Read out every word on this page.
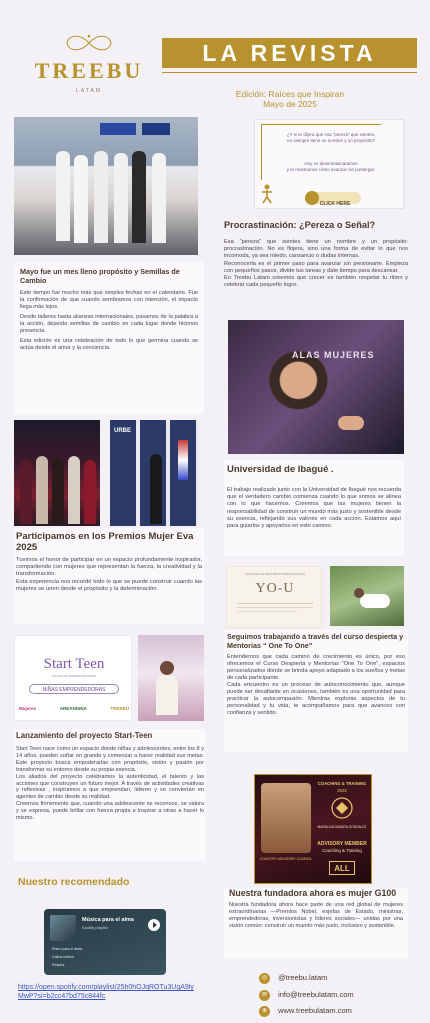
TREEBU
LATAM
LA REVISTA
Edición: Raíces que Inspiran
Mayo de 2025
¿Y si te dijera que esa “pereza” que sientes,
no siempre tiene un nombre y un propósito?
Hoy es desenmascaramos
y te mostramos cómo avanzar sin postergar.
CLICK HERE
Mayo fue un mes lleno propósito y Semillas de Cambio

Este tiempo fue mucho más que simples fechas en el calendario. Fue la confirmación de que cuando sembramos con intención, el impacto llega más lejos.

Desde talleres hasta alianzas internacionales, pasamos de la palabra a la acción, dejando semillas de cambio en cada lugar donde hicimos presencia.

Esta edición es una celebración de todo lo que germina cuando se actúa desde el amor y la conciencia.

Procrastinación: ¿Pereza o Señal?
Esa “pereza” que sientes tiene un nombre y un propósito: procrastinación. No es flojera, sino una forma de evitar lo que nos incomoda, ya sea miedo, cansancio o dudas internas.
Reconocerla es el primer paso para avanzar sin presionarte. Empieza con pequeños pasos, divide tus tareas y date tiempo para descansar.
En Treebu Latam creemos que crecer es también respetar tu ritmo y celebrar cada pequeño logro.
ALAS MUJERES
URBE
Participamos en los Premios Mujer Eva 2025
Tuvimos el honor de participar en un espacio profundamente inspirador, compartiendo con mujeres que representan la fuerza, la creatividad y la transformación.
Esta experiencia nos recordó todo lo que se puede construir cuando las mujeres se unen desde el propósito y la determinación.
Universidad de Ibagué .
El trabajo realizado junto con la Universidad de Ibagué nos recuerda que el verdadero cambio comienza cuando lo que somos se alinea con lo que hacemos. Creemos que las mujeres tienen la responsabilidad de construir un mundo más justo y sostenible desde su esencia, reflejando sus valores en cada acción. Estamos aquí para guiarlos y apoyarlos en este camino.
PROGRAMA DE MENTORÍAS PERSONALIZADAS
YO-U
Seguimos trabajando a través del curso despierta y Mentorias “ One To One”
Entendemos que cada camino de crecimiento es único, por eso ofrecemos el Curso Despierta y Mentorías "One To One", espacios personalizados donde se brinda apoyo adaptado a los sueños y metas de cada participante.
Cada encuentro es un proceso de autoconocimiento que, aunque puede ser desafiante en ocasiones, también es una oportunidad para practicar la autocompasión. Mientras exploras aspectos de tu personalidad y tu vida, te acompañamos para que avances con confianza y sentido.
Start Teen
TALLER DE EMPRENDEDORAS
NIÑAS EMPRENDEDORAS
Mujeres	AREANDINA	TREEBU
Lanzamiento del proyecto Start-Teen
Start Teen nace como un espacio donde niñas y adolescentes, entre los 8 y 14 años, pueden soñar en grande y comenzar a hacer realidad sus metas. Este proyecto busca empoderarlas con propósito, visión y pasión por transformar su entorno desde su propia esencia.
Los aliados del proyecto celebramos la autenticidad, el talento y las acciones que construyen un futuro mejor. A través de actividades creativas y reflexivas , inspiramos a que emprendan, lideren y se conviertan en agentes de cambio desde su realidad.
Creemos firmemente que, cuando una adolescente se reconoce, se valora y se expresa, puede brillar con fuerza propia e inspirar a otras a hacer lo mismo.
COACHING & TRAINING
2025
MARIA ALEJANDRA GONZALEZ
ADVISORY MEMBER
Coaching & Training
COUNTRY ADVISORY COUNCIL
ALL
Nuestra fundadora ahora es mujer G100
Nuestra fundadora ahora hace parte de una red global de mujeres extraordinarias —Premios Nobel, exjefas de Estado, ministras, emprendedoras, inversionistas y líderes sociales— unidas por una visión común: construir un mundo más justo, inclusivo y sostenible.
Nuestro recomendado
Música para el alma
Spotify playlist
Piano para el alma
Calma interior
Respira
https://open.spotify.com/playlist/25h0hOJqROTu3UgA9lyMwP?si=b2cc47bd75c844fc
◎	@treebu.latam
✉	info@treebulatam.com
⊕	www.treebulatam.com
